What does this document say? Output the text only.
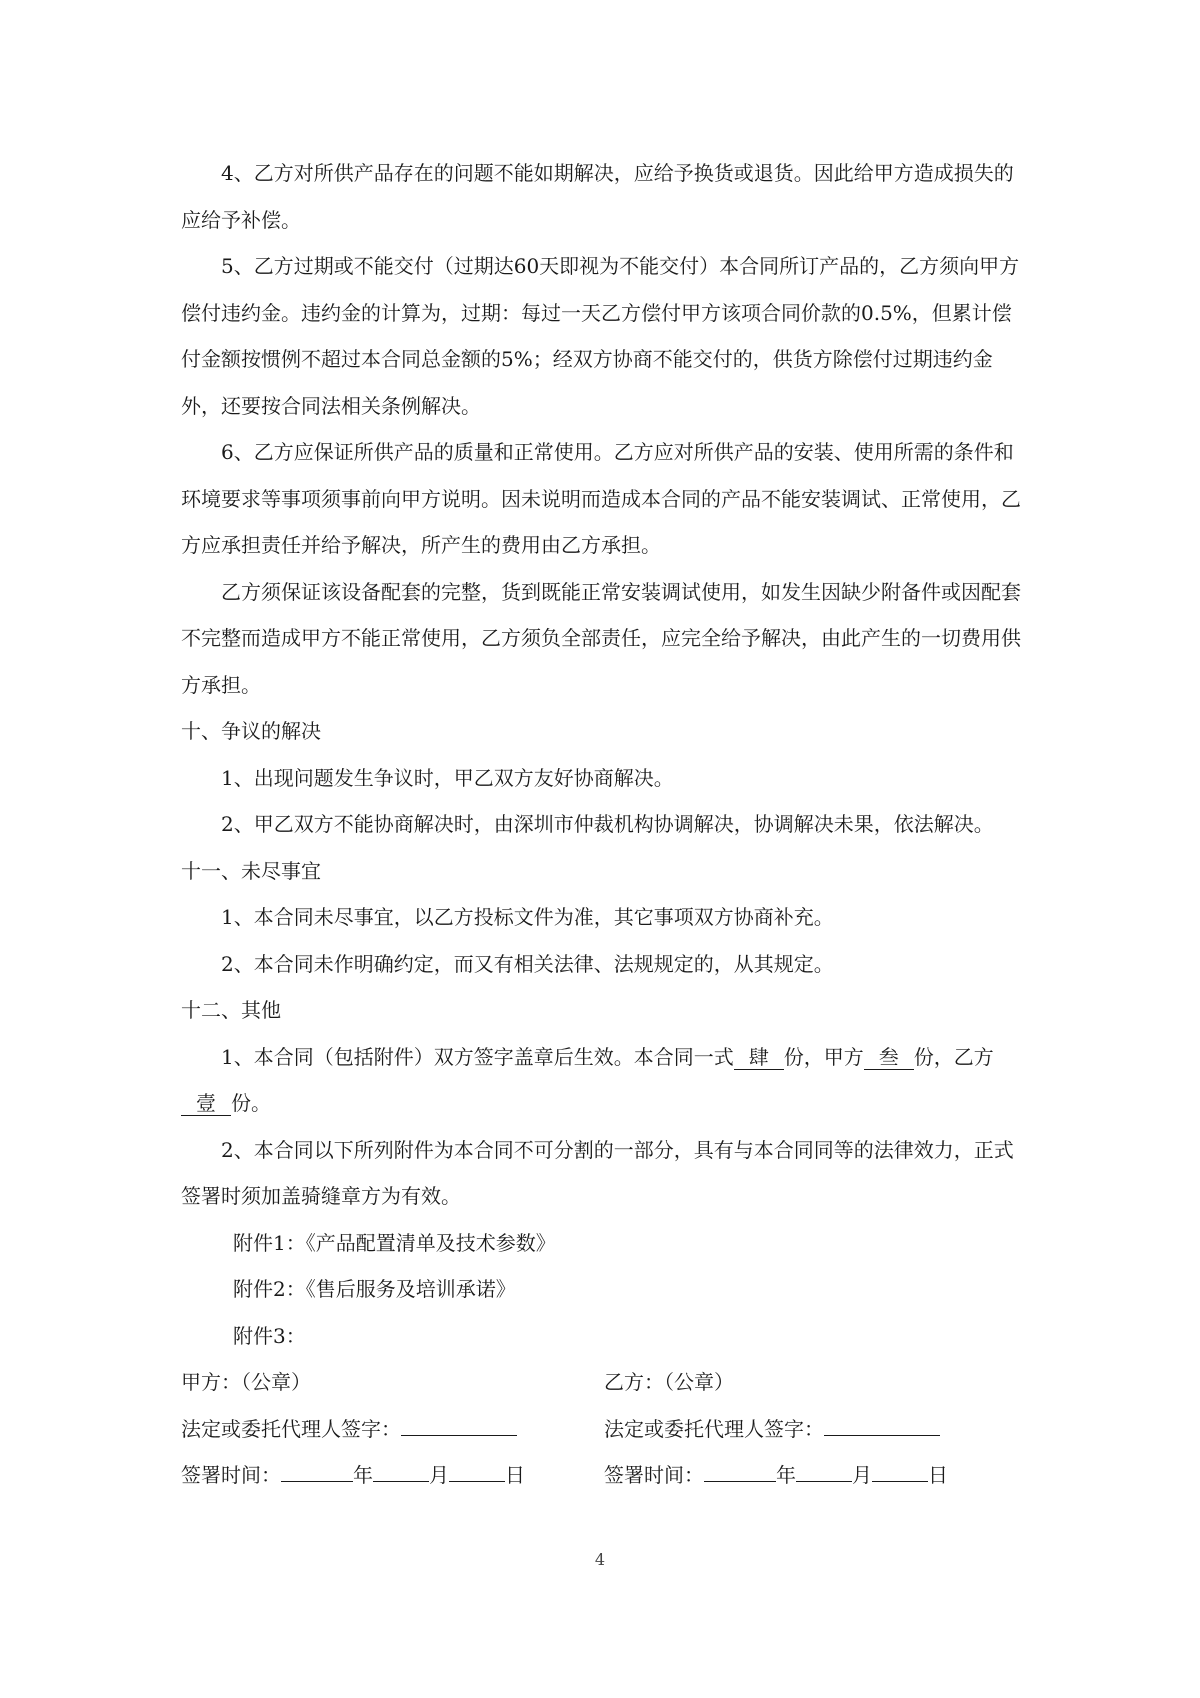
4、乙方对所供产品存在的问题不能如期解决，应给予换货或退货。因此给甲方造成损失的应给予补偿。

5、乙方过期或不能交付（过期达60天即视为不能交付）本合同所订产品的，乙方须向甲方偿付违约金。违约金的计算为，过期：每过一天乙方偿付甲方该项合同价款的0.5%，但累计偿付金额按惯例不超过本合同总金额的5%；经双方协商不能交付的，供货方除偿付过期违约金外，还要按合同法相关条例解决。

6、乙方应保证所供产品的质量和正常使用。乙方应对所供产品的安装、使用所需的条件和环境要求等事项须事前向甲方说明。因未说明而造成本合同的产品不能安装调试、正常使用，乙方应承担责任并给予解决，所产生的费用由乙方承担。

乙方须保证该设备配套的完整，货到既能正常安装调试使用，如发生因缺少附备件或因配套不完整而造成甲方不能正常使用，乙方须负全部责任，应完全给予解决，由此产生的一切费用供方承担。

十、争议的解决

1、出现问题发生争议时，甲乙双方友好协商解决。

2、甲乙双方不能协商解决时，由深圳市仲裁机构协调解决，协调解决未果，依法解决。

十一、未尽事宜

1、本合同未尽事宜，以乙方投标文件为准，其它事项双方协商补充。

2、本合同未作明确约定，而又有相关法律、法规规定的，从其规定。

十二、其他

1、本合同（包括附件）双方签字盖章后生效。本合同一式 肆 份，甲方 叁 份，乙方壹 份。

2、本合同以下所列附件为本合同不可分割的一部分，具有与本合同同等的法律效力，正式签署时须加盖骑缝章方为有效。

附件1：《产品配置清单及技术参数》

附件2：《售后服务及培训承诺》

附件3：

甲方：（公章）	乙方：（公章）
法定或委托代理人签字：	法定或委托代理人签字：
签署时间：	年	月	日	签署时间：	年	月	日
4
